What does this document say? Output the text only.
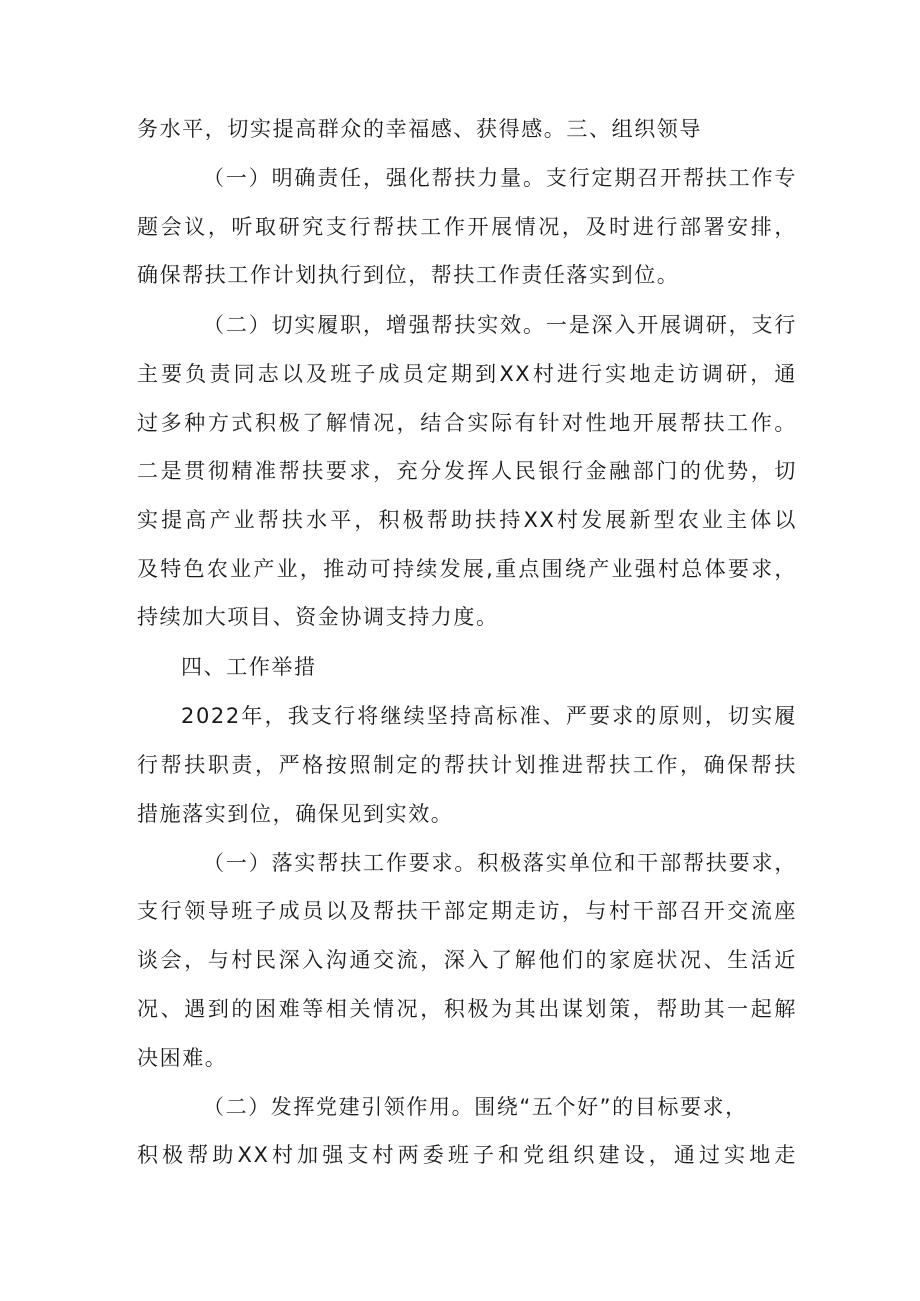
务水平，切实提高群众的幸福感、获得感。三、组织领导
（一）明确责任，强化帮扶力量。支行定期召开帮扶工作专
题会议，听取研究支行帮扶工作开展情况，及时进行部署安排，
确保帮扶工作计划执行到位，帮扶工作责任落实到位。
（二）切实履职，增强帮扶实效。一是深入开展调研，支行
主要负责同志以及班子成员定期到XX村进行实地走访调研，通
过多种方式积极了解情况，结合实际有针对性地开展帮扶工作。
二是贯彻精准帮扶要求，充分发挥人民银行金融部门的优势，切
实提高产业帮扶水平，积极帮助扶持XX村发展新型农业主体以
及特色农业产业，推动可持续发展,重点围绕产业强村总体要求，
持续加大项目、资金协调支持力度。
四、工作举措
2022年，我支行将继续坚持高标准、严要求的原则，切实履
行帮扶职责，严格按照制定的帮扶计划推进帮扶工作，确保帮扶
措施落实到位，确保见到实效。
（一）落实帮扶工作要求。积极落实单位和干部帮扶要求，
支行领导班子成员以及帮扶干部定期走访，与村干部召开交流座
谈会，与村民深入沟通交流，深入了解他们的家庭状况、生活近
况、遇到的困难等相关情况，积极为其出谋划策，帮助其一起解
决困难。
（二）发挥党建引领作用。围绕“五个好”的目标要求，
积极帮助XX村加强支村两委班子和党组织建设，通过实地走
